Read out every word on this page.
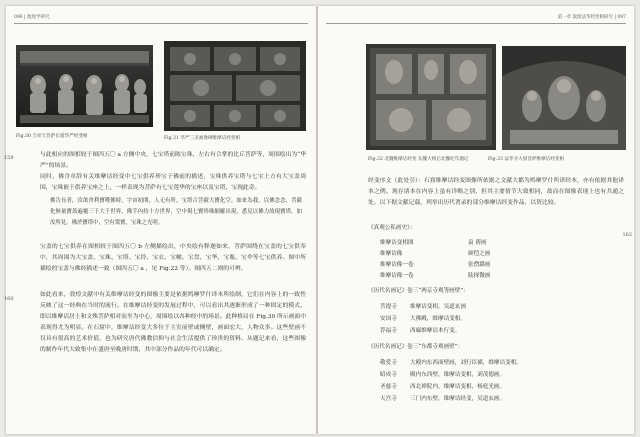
096 | 敦煌学研究
Fig.30 吉祥天菩萨长窟华严经变相	Fig.31 华严三圣画像碑维摩诘经变相
159	与此相应的图相较于图四五〇 a 方侧中央，七宝塔前陈宝珠，左右有合掌的比丘菩萨等，周围绘出为“华严”的场景。

同时，佛含章辞有关维摩诘经变中七宝供养珍宝于佛前的描述，宝珠供养宝塔与七宝上方有大宝盖周围，宝珠嵌于供养宝座之上，一样表现为菩萨有七宝莲华的宝座以及宝塔，宝现此奇。

佛告長者，汝欲舍利寶嘆佛時，宇宙初開，人无有所，宝塔合菩薩大寶化空。如来為我，以佛念念，菩薩化無量寶蓋遍覆三千大千世界，佛手內持十方世界，空中現七寶珍珠網羅出現，悉見以佛力故現寶塔。如汝所見，佛於寶塔中，空有衆寶，宝珠之光明。

宝盖的七宝供养在图相较于图四五〇 b 左侧描绘出，中央绘有释迦如来，菩萨围绕在宝盖的七宝供奉中，其周围为大宝盖，宝珠、宝塔、宝铃、宝衣、宝幢、宝盘、宝华、宝瓶、宝伞等七宝供养。图中所描绘的宝盖与佛经描述一致（图四五〇 a ，见 Fig.22 等）。图四五二则的可辨。

160

如此看来，敦煌文献中有关维摩诘经变的图像主要是依据鸠摩罗什译本所绘制，它们在内容上的一致性反映了这一经典在当时的流行。在维摩诘经变的发展过程中，可以看出其逐渐形成了一种固定的模式，即以维摩诘居士和文殊菩萨相对而坐为中心，周围绘以各种经中的场景。此种格局在 Fig.30 所示画面中表现得尤为明显。在石窟中，维摩诘经变大多位于主室前壁或侧壁，画面宏大，人物众多。这些壁画不仅具有很高的艺术价值，也为研究唐代佛教信仰与社会生活提供了珍贵的资料。从题记来看，这些图像的制作年代大致集中在盛唐至晚唐时期，其中部分作品的年代可以确定。

第一章 敦煌法华经变相研究 | 097
Fig.32 北魏维摩诘经变 东魏大统后北魏纪年题记	Fig.33 法华寺大窟菩萨维摩诘经变相

经变序文（此处引）：石窟维摩诘经变图像所依据之文献大都为鸠摩罗什所译经本，亦有依据其他译本之例。现存诸本在内容上虽有详略之别，但其主要情节大致相同，故而在图像表现上也有共通之处。以下据文献记载，列举出历代著录的部分维摩诘经变作品，以资比较。

162
《真观公私画史》：
维摩诘变相图	袁 蒨画
维摩诘像	顾恺之画
维摩诘像一卷	张僧繇画
维摩诘像一卷	陆探微画
《历代名画记》卷三“两京寺观等画壁”：
菩提寺 维摩诘变相，吴道玄画
安国寺 大佛殿，维摩诘变相。
荐福寺 西廊维摩诘本行变。
《历代名画记》卷三“东都寺观画壁”：
敬爱寺 大殿内东西面壁画，刘行臣描，维摩诘变相。
昭成寺 殿内东西壁，维摩诘变相，刘茂德画。
圣慈寺 西北禅院内，维摩诘变相，杨庭光画。
天宫寺 三门内东壁，维摩诘经变，吴道玄画。
